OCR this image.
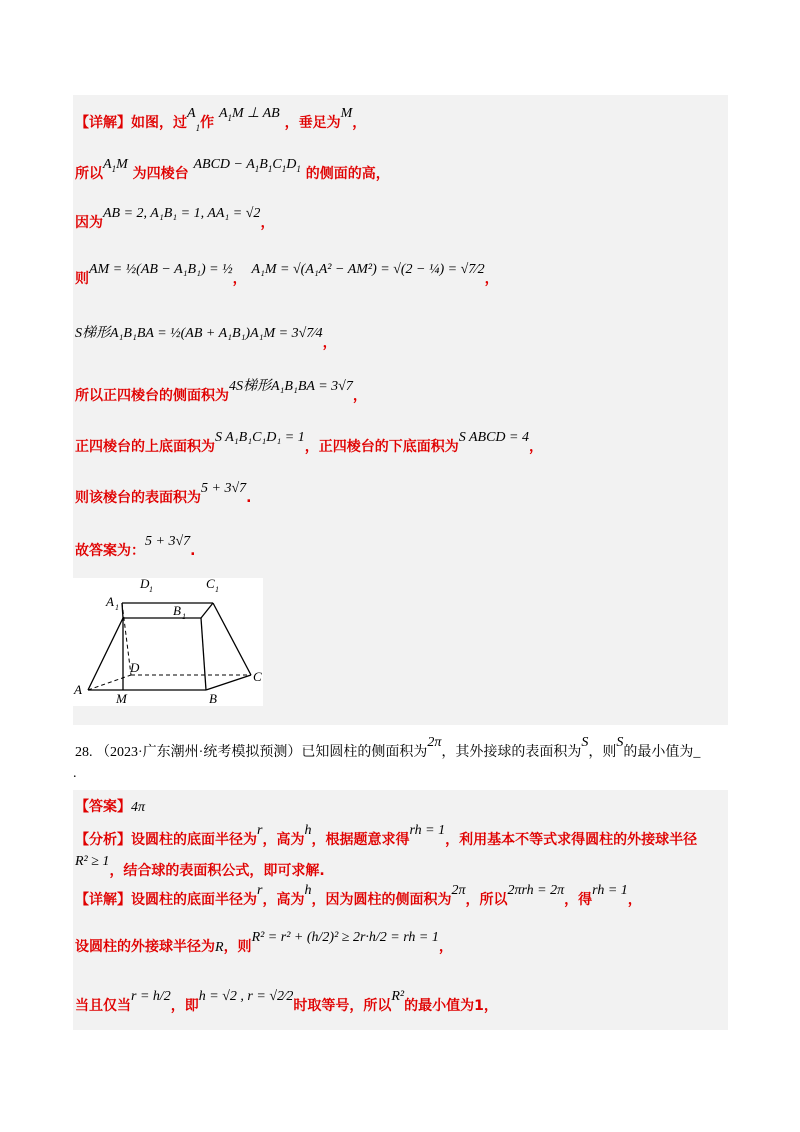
【详解】如图，过$A_1$作 $A_1M$ ⊥ AB ，垂足为M，
所以$A_1M$ 为四棱台 ABCD − $A_1B_1C_1D_1$ 的侧面的高，
因为AB = 2, A₁B₁ = 1, AA₁ = √2，
则AM = ½(AB − A₁B₁) = ½， A₁M = √(A₁A² − AM²) = √(2 − ¼) = √7⁄2，
S梯形A₁B₁BA = ½(AB + A₁B₁)A₁M = 3√7⁄4，
所以正四棱台的侧面积为4S梯形A₁B₁BA = 3√7，
正四棱台的上底面积为S A₁B₁C₁D₁ = 1，正四棱台的下底面积为S ABCD = 4，
则该棱台的表面积为5 + 3√7.
故答案为：5 + 3√7.
D 1	C 1
A 1	B 1
D
A
M	B
C
28. （2023·广东潮州·统考模拟预测）已知圆柱的侧面积为2π，其外接球的表面积为S，则S的最小值为_
.
【答案】4π
【分析】设圆柱的底面半径为r，高为h，根据题意求得rh = 1，利用基本不等式求得圆柱的外接球半径
R² ≥ 1，结合球的表面积公式，即可求解.
【详解】设圆柱的底面半径为r，高为h，因为圆柱的侧面积为2π，所以2πrh = 2π，得rh = 1，
设圆柱的外接球半径为R，则R² = r² + (h/2)² ≥ 2r·h/2 = rh = 1，
当且仅当r = h/2，即h = √2 , r = √2⁄2时取等号，所以R²的最小值为1，
